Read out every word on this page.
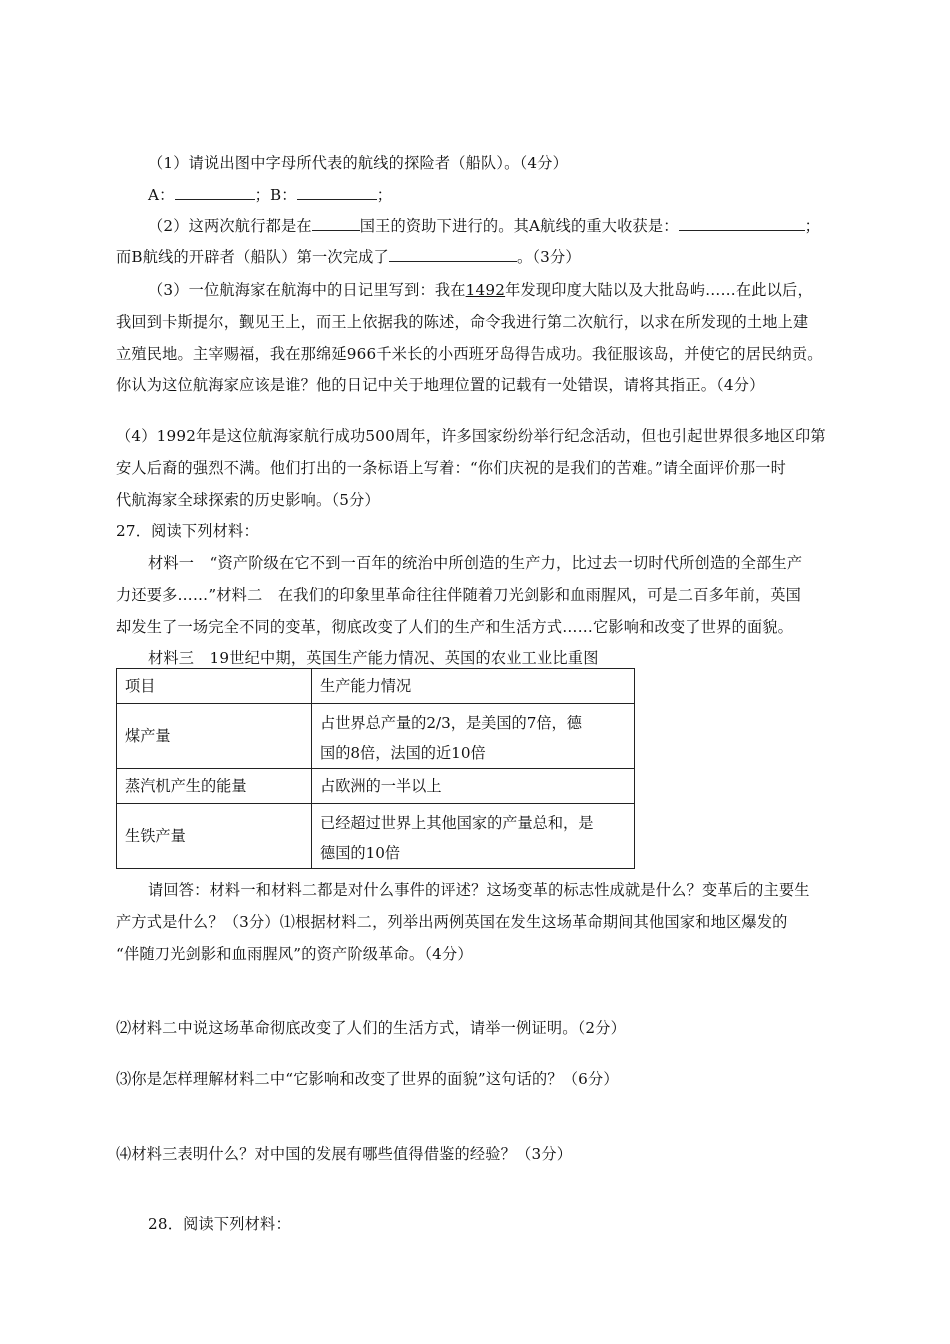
（1）请说出图中字母所代表的航线的探险者（船队）。（4分）
A：	；B：	；
（2）这两次航行都是在	国王的资助下进行的。其A航线的重大收获是：	；
而B航线的开辟者（船队）第一次完成了	。（3分）
（3）一位航海家在航海中的日记里写到：我在1492年发现印度大陆以及大批岛屿……在此以后，
我回到卡斯提尔，觐见王上，而王上依据我的陈述，命令我进行第二次航行，以求在所发现的土地上建
立殖民地。主宰赐福，我在那绵延966千米长的小西班牙岛得告成功。我征服该岛，并使它的居民纳贡。
你认为这位航海家应该是谁？他的日记中关于地理位置的记载有一处错误，请将其指正。（4分）
（4）1992年是这位航海家航行成功500周年，许多国家纷纷举行纪念活动，但也引起世界很多地区印第
安人后裔的强烈不满。他们打出的一条标语上写着：“你们庆祝的是我们的苦难。”请全面评价那一时
代航海家全球探索的历史影响。（5分）
27．阅读下列材料：
材料一　“资产阶级在它不到一百年的统治中所创造的生产力，比过去一切时代所创造的全部生产
力还要多……”材料二　在我们的印象里革命往往伴随着刀光剑影和血雨腥风，可是二百多年前，英国
却发生了一场完全不同的变革，彻底改变了人们的生产和生活方式……它影响和改变了世界的面貌。
材料三　19世纪中期，英国生产能力情况、英国的农业工业比重图
项目	生产能力情况
煤产量	占世界总产量的2/3，是美国的7倍，德
国的8倍，法国的近10倍

蒸汽机产生的能量	占欧洲的一半以上
生铁产量	已经超过世界上其他国家的产量总和，是
德国的10倍
请回答：材料一和材料二都是对什么事件的评述？这场变革的标志性成就是什么？变革后的主要生
产方式是什么？（3分）⑴根据材料二，列举出两例英国在发生这场革命期间其他国家和地区爆发的
“伴随刀光剑影和血雨腥风”的资产阶级革命。（4分）
⑵材料二中说这场革命彻底改变了人们的生活方式，请举一例证明。（2分）
⑶你是怎样理解材料二中“它影响和改变了世界的面貌”这句话的？（6分）
⑷材料三表明什么？对中国的发展有哪些值得借鉴的经验？（3分）
28．阅读下列材料：
